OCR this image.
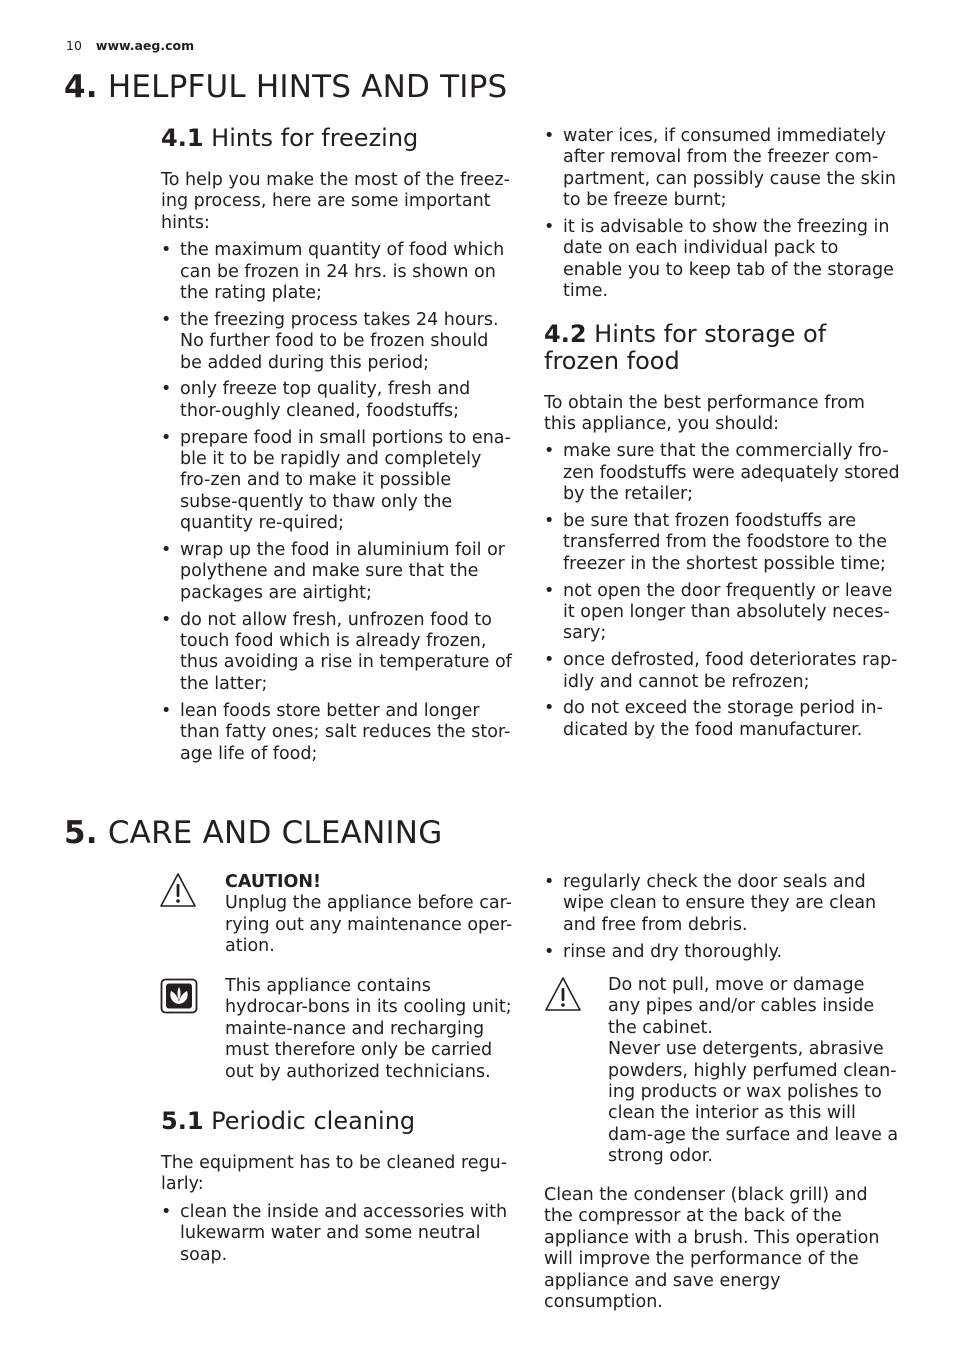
10 www.aeg.com
4. HELPFUL HINTS AND TIPS
4.1 Hints for freezing

To help you make the most of the freez-ing process, here are some important hints:

• the maximum quantity of food which can be frozen in 24 hrs. is shown on the rating plate;
• the freezing process takes 24 hours. No further food to be frozen should be added during this period;
• only freeze top quality, fresh and thor-oughly cleaned, foodstuffs;
• prepare food in small portions to ena-ble it to be rapidly and completely fro-zen and to make it possible subse-quently to thaw only the quantity re-quired;
• wrap up the food in aluminium foil or polythene and make sure that the packages are airtight;
• do not allow fresh, unfrozen food to touch food which is already frozen, thus avoiding a rise in temperature of the latter;
• lean foods store better and longer than fatty ones; salt reduces the stor-age life of food;
• water ices, if consumed immediately after removal from the freezer com-partment, can possibly cause the skin to be freeze burnt;
• it is advisable to show the freezing in date on each individual pack to enable you to keep tab of the storage time.
4.2 Hints for storage of frozen food

To obtain the best performance from this appliance, you should:

• make sure that the commercially fro-zen foodstuffs were adequately stored by the retailer;
• be sure that frozen foodstuffs are transferred from the foodstore to the freezer in the shortest possible time;
• not open the door frequently or leave it open longer than absolutely neces-sary;
• once defrosted, food deteriorates rap-idly and cannot be refrozen;
• do not exceed the storage period in-dicated by the food manufacturer.
5. CARE AND CLEANING
CAUTION!
Unplug the appliance before car-rying out any maintenance oper-ation.
This appliance contains hydrocar-bons in its cooling unit; mainte-nance and recharging must therefore only be carried out by authorized technicians.
5.1 Periodic cleaning

The equipment has to be cleaned regu-larly:

• clean the inside and accessories with lukewarm water and some neutral soap.
• regularly check the door seals and wipe clean to ensure they are clean and free from debris.
• rinse and dry thoroughly.
Do not pull, move or damage any pipes and/or cables inside the cabinet.
Never use detergents, abrasive powders, highly perfumed clean-ing products or wax polishes to clean the interior as this will dam-age the surface and leave a strong odor.

Clean the condenser (black grill) and the compressor at the back of the appliance with a brush. This operation will improve the performance of the appliance and save energy consumption.
